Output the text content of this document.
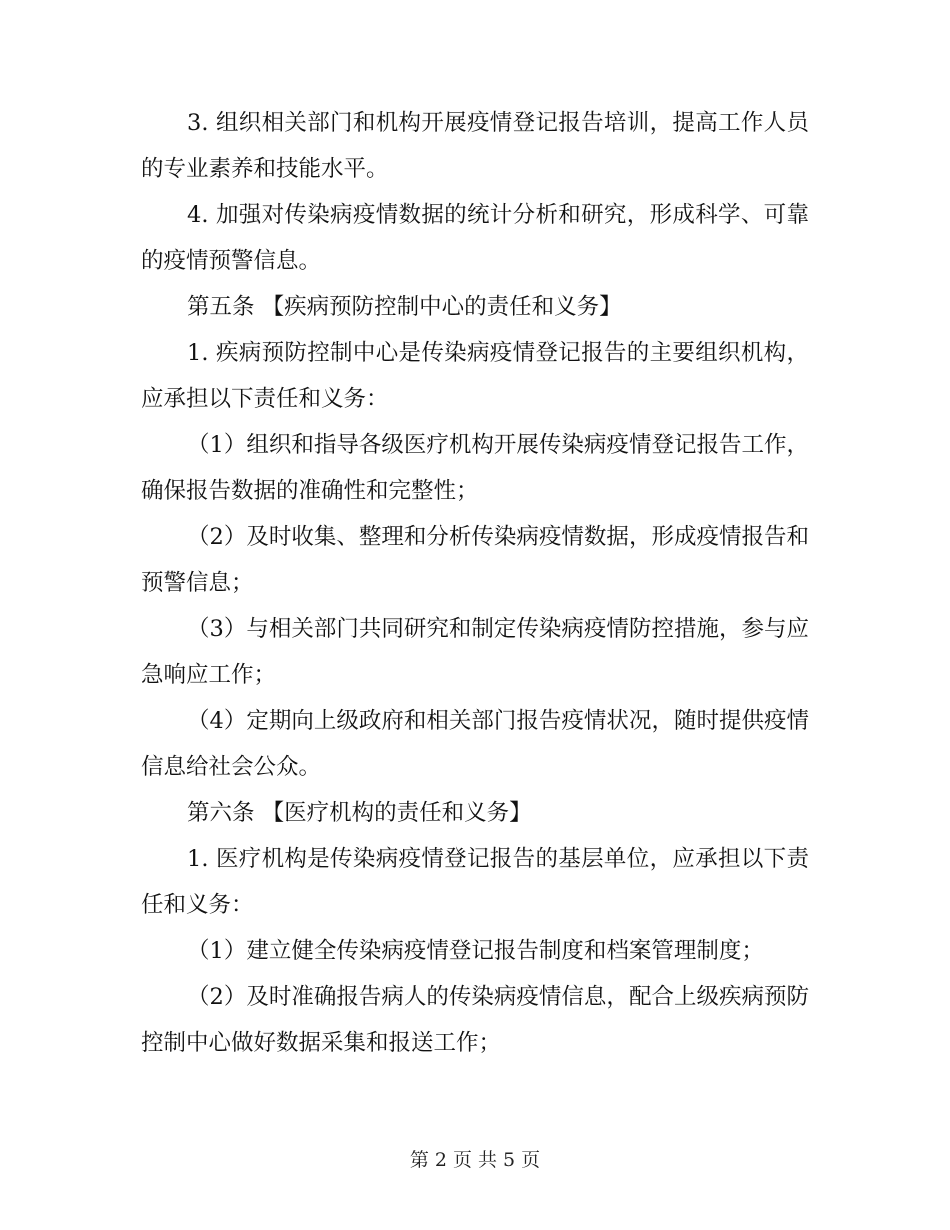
3. 组织相关部门和机构开展疫情登记报告培训，提高工作人员的专业素养和技能水平。

4. 加强对传染病疫情数据的统计分析和研究，形成科学、可靠的疫情预警信息。

第五条 【疾病预防控制中心的责任和义务】

1. 疾病预防控制中心是传染病疫情登记报告的主要组织机构，应承担以下责任和义务：

（1）组织和指导各级医疗机构开展传染病疫情登记报告工作，确保报告数据的准确性和完整性；

（2）及时收集、整理和分析传染病疫情数据，形成疫情报告和预警信息；

（3）与相关部门共同研究和制定传染病疫情防控措施，参与应急响应工作；

（4）定期向上级政府和相关部门报告疫情状况，随时提供疫情信息给社会公众。

第六条 【医疗机构的责任和义务】

1. 医疗机构是传染病疫情登记报告的基层单位，应承担以下责任和义务：

（1）建立健全传染病疫情登记报告制度和档案管理制度；

（2）及时准确报告病人的传染病疫情信息，配合上级疾病预防控制中心做好数据采集和报送工作；

第 2 页 共 5 页
